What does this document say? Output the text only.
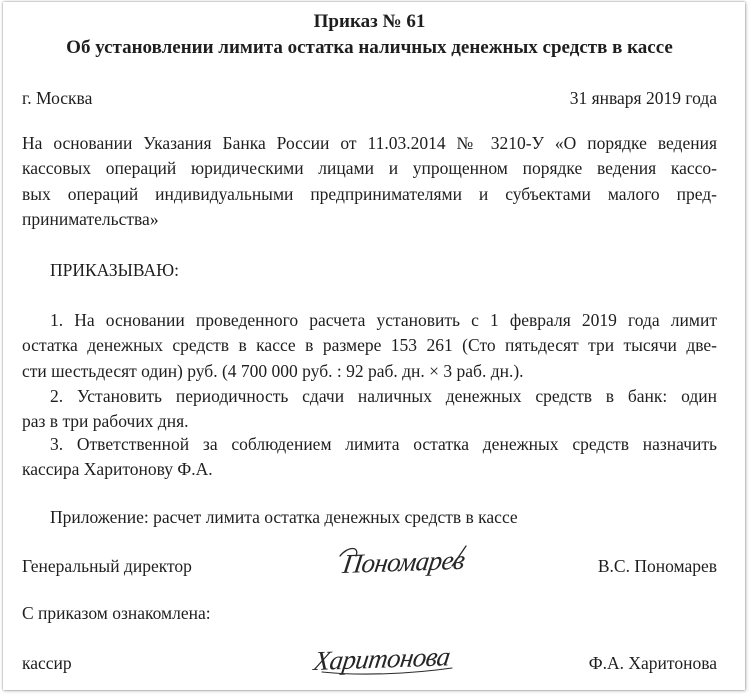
Приказ № 61
Об установлении лимита остатка наличных денежных средств в кассе
г. Москва	31 января 2019 года
На основании Указания Банка России от 11.03.2014 № 3210-У «О порядке ведения
кассовых операций юридическими лицами и упрощенном порядке ведения кассо-
вых операций индивидуальными предпринимателями и субъектами малого пред-
принимательства»
ПРИКАЗЫВАЮ:
1. На основании проведенного расчета установить с 1 февраля 2019 года лимит
остатка денежных средств в кассе в размере 153 261 (Сто пятьдесят три тысячи две-
сти шестьдесят один) руб. (4 700 000 руб. : 92 раб. дн. × 3 раб. дн.).
2. Установить периодичность сдачи наличных денежных средств в банк: один
раз в три рабочих дня.
3. Ответственной за соблюдением лимита остатка денежных средств назначить
кассира Харитонову Ф.А.
Приложение: расчет лимита остатка денежных средств в кассе
Генеральный директор	В.С. Пономарев
Пономарев
С приказом ознакомлена:
кассир	Ф.А. Харитонова
Харитонова
